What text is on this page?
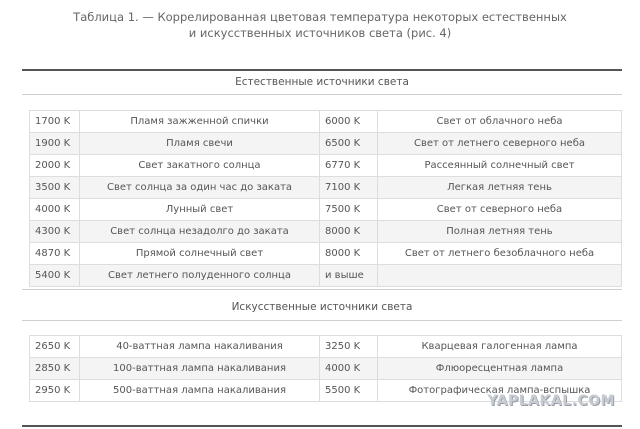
Таблица 1. — Коррелированная цветовая температура некоторых естественных
и искусственных источников света (рис. 4)
Естественные источники света
1700 K	Пламя зажженной спички	6000 K	Свет от облачного неба
1900 K	Пламя свечи	6500 K	Свет от летнего северного неба
2000 K	Свет закатного солнца	6770 K	Рассеянный солнечный свет
3500 K	Свет солнца за один час до заката	7100 K	Легкая летняя тень
4000 K	Лунный свет	7500 K	Свет от северного неба
4300 K	Свет солнца незадолго до заката	8000 K	Полная летняя тень
4870 K	Прямой солнечный свет	8000 K	Свет от летнего безоблачного неба
5400 K	Свет летнего полуденного солнца	и выше	
Искусственные источники света
2650 K	40-ваттная лампа накаливания	3250 K	Кварцевая галогенная лампа
2850 K	100-ваттная лампа накаливания	4000 K	Флюоресцентная лампа
2950 K	500-ваттная лампа накаливания	5500 K	Фотографическая лампа-вспышка
YAPLAKAL.COM
